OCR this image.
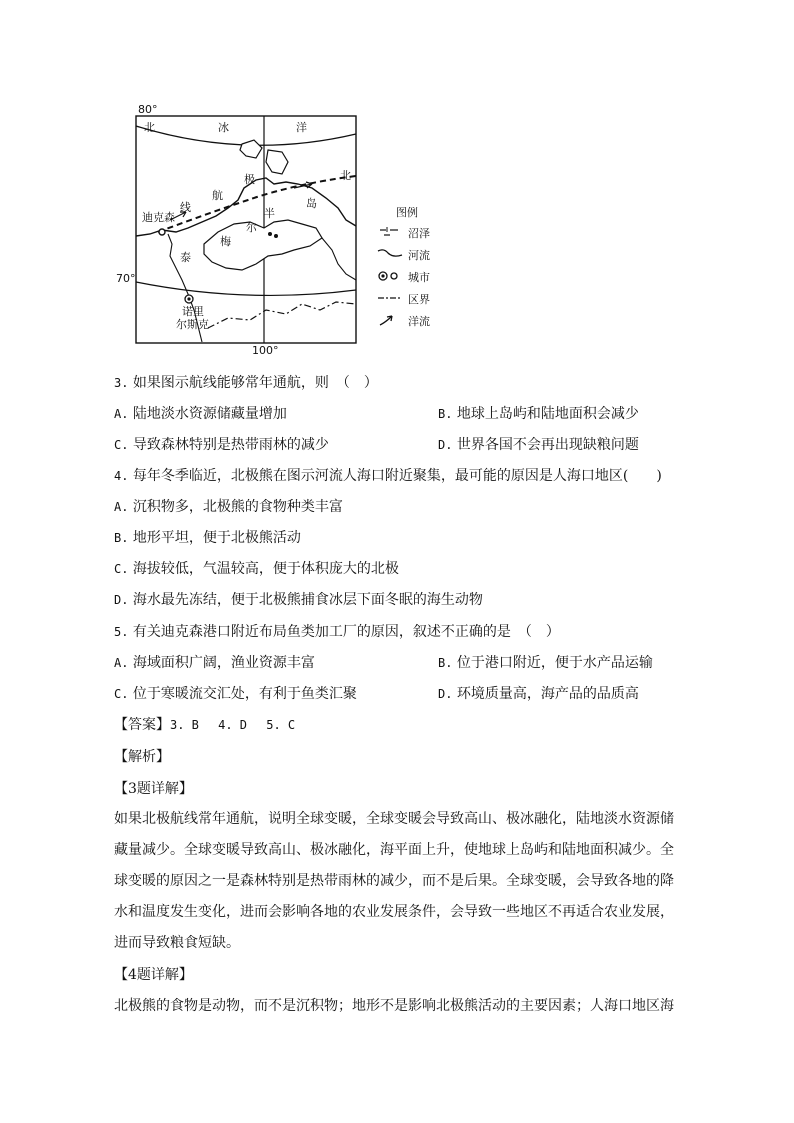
80°
70°
100°
北	冰	洋
极	北
航
线
迪克森	半
岛
尔
梅
泰
诺里
尔斯克
图例
沼泽
河流
城市
区界
洋流
3. 如果图示航线能够常年通航，则　（　）
A. 陆地淡水资源储藏量增加	B. 地球上岛屿和陆地面积会减少
C. 导致森林特别是热带雨林的减少	D. 世界各国不会再出现缺粮问题
4. 每年冬季临近，北极熊在图示河流人海口附近聚集，最可能的原因是人海口地区(　　)
A. 沉积物多，北极熊的食物种类丰富
B. 地形平坦，便于北极熊活动
C. 海拔较低，气温较高，便于体积庞大的北极
D. 海水最先冻结，便于北极熊捕食冰层下面冬眠的海生动物
5. 有关迪克森港口附近布局鱼类加工厂的原因，叙述不正确的是　（　）
A. 海域面积广阔，渔业资源丰富	B. 位于港口附近，便于水产品运输
C. 位于寒暖流交汇处，有利于鱼类汇聚	D. 环境质量高，海产品的品质高
【答案】3. B　 4. D　 5. C
【解析】
【3题详解】
如果北极航线常年通航，说明全球变暖，全球变暖会导致高山、极冰融化，陆地淡水资源储
藏量减少。全球变暖导致高山、极冰融化，海平面上升，使地球上岛屿和陆地面积减少。全
球变暖的原因之一是森林特别是热带雨林的减少，而不是后果。全球变暖，会导致各地的降
水和温度发生变化，进而会影响各地的农业发展条件，会导致一些地区不再适合农业发展，
进而导致粮食短缺。
【4题详解】
北极熊的食物是动物，而不是沉积物；地形不是影响北极熊活动的主要因素；人海口地区海
